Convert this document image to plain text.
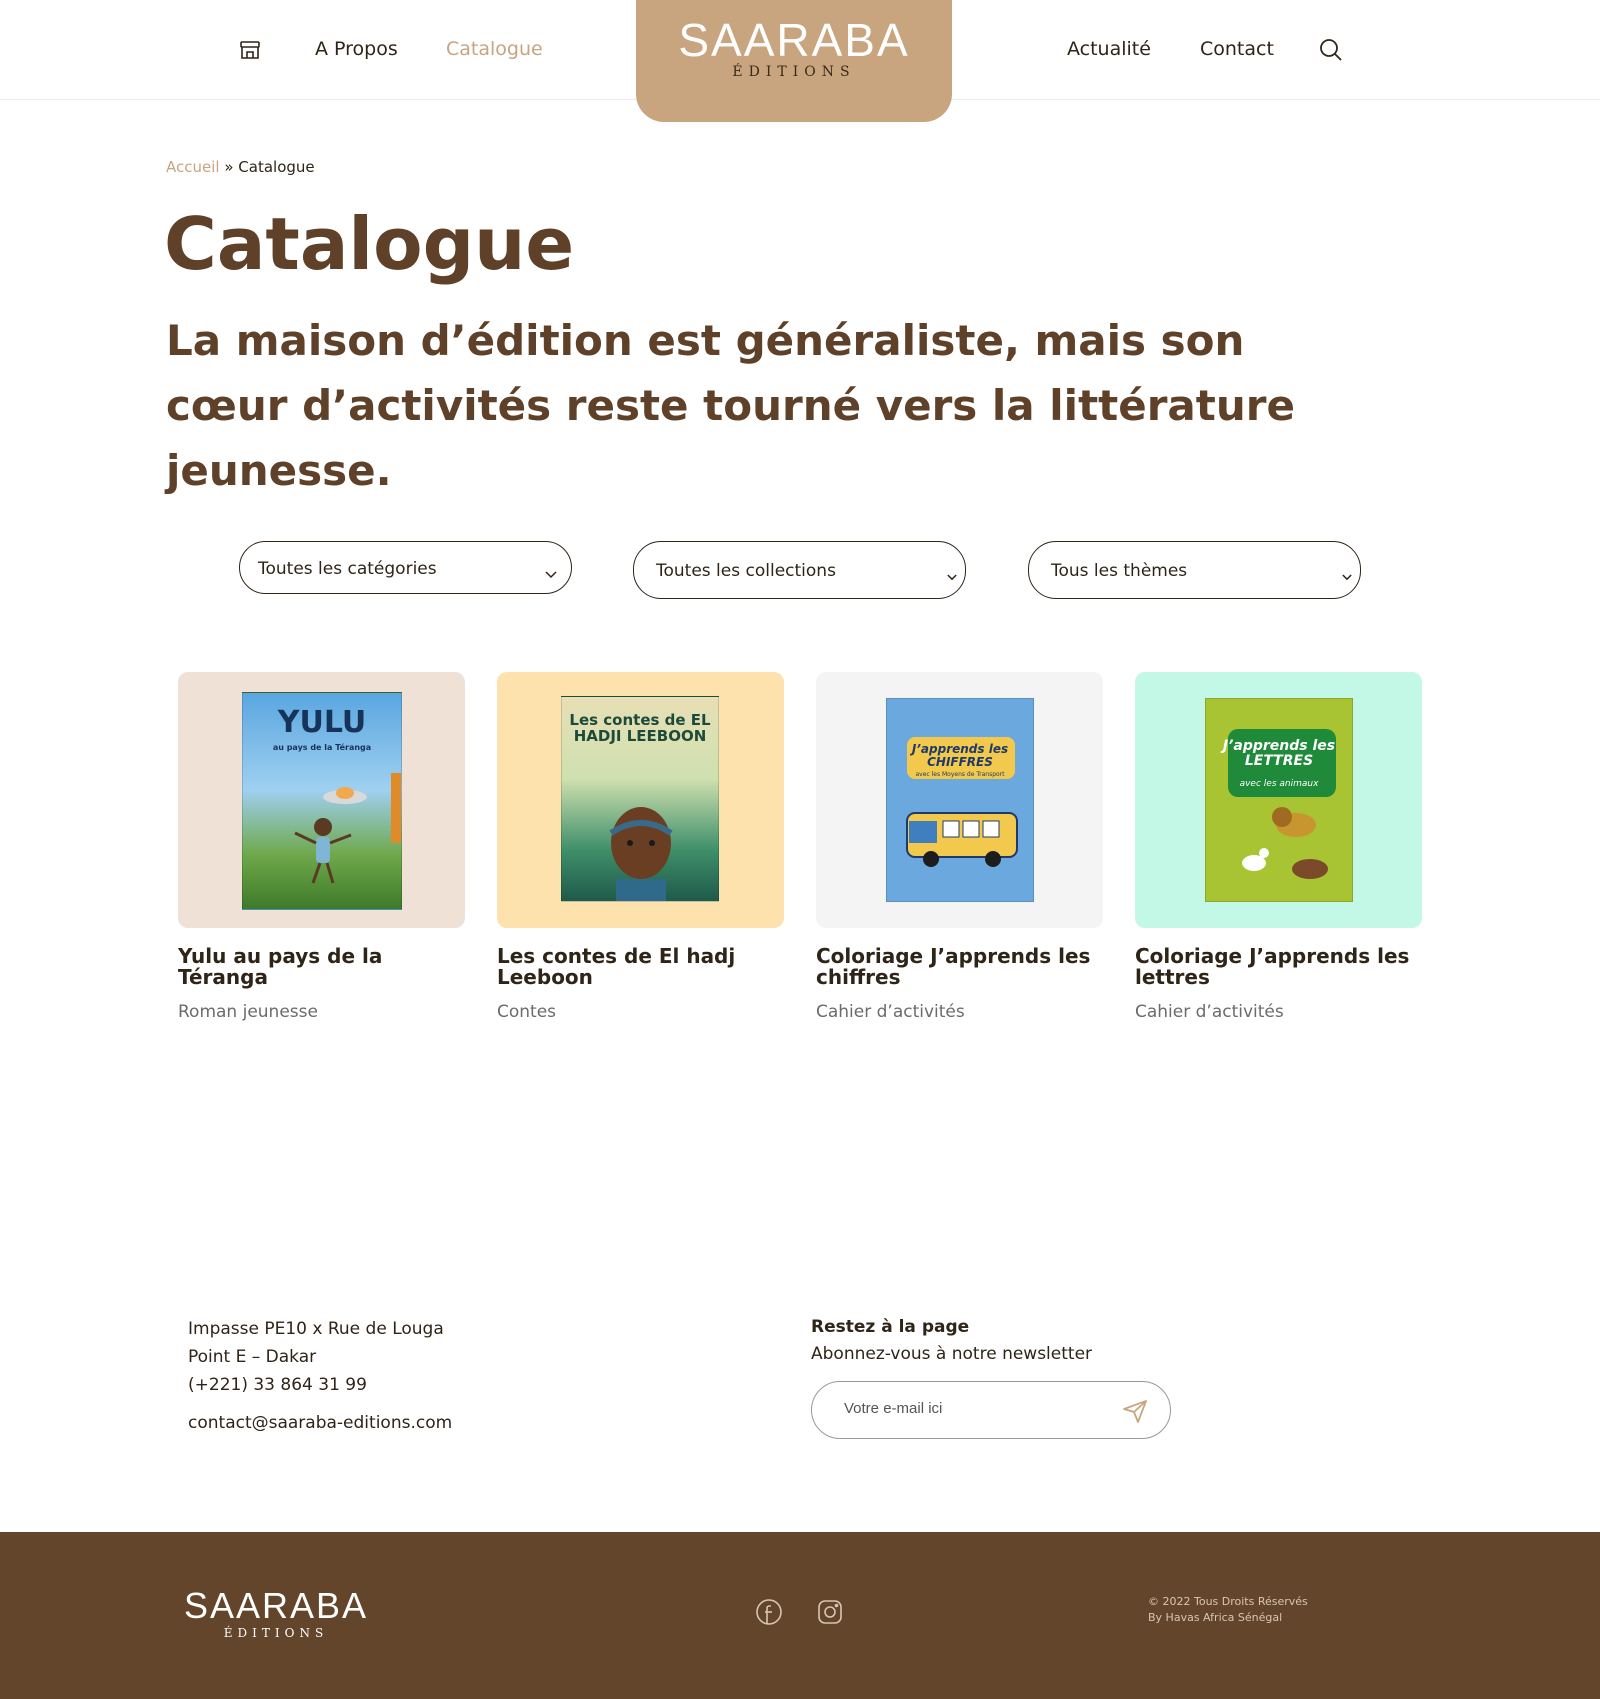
A Propos	Catalogue	SAARABA
ÉDITIONS
Actualité	Contact
Accueil » Catalogue
Catalogue

La maison d’édition est généraliste, mais son cœur d’activités reste tourné vers la littérature jeunesse.

Toutes les catégories	Toutes les collections	Tous les thèmes
YULU
au pays de la Téranga
Yulu au pays de la Téranga
Roman jeunesse
Les contes de EL HADJI LEEBOON
Les contes de El hadj Leeboon
Contes
J’apprends les CHIFFRES
avec les Moyens de Transport
Coloriage J’apprends les chiffres
Cahier d’activités
J’apprends les LETTRES
avec les animaux
Coloriage J’apprends les lettres
Cahier d’activités
Impasse PE10 x Rue de Louga
Point E – Dakar
(+221) 33 864 31 99
contact@saaraba-editions.com
Restez à la page
Abonnez-vous à notre newsletter
Votre e-mail ici
SAARABA
ÉDITIONS
© 2022 Tous Droits Réservés
By Havas Africa Sénégal
